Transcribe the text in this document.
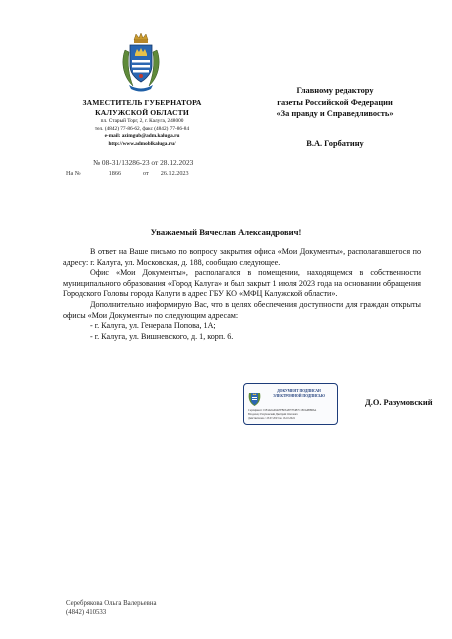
ЗАМЕСТИТЕЛЬ ГУБЕРНАТОРА
КАЛУЖСКОЙ ОБЛАСТИ
пл. Старый Торг, 2, г. Калуга, 248000
тел. (4842) 77-86-62, факс (4842) 77-86-84
e-mail: azimgub@adm.kaluga.ru
http://www.admoblkaluga.ru/
Главному редактору
газеты Российской Федерации
«За правду и Справедливость»
В.А. Горбатину
№ 08-31/13286-23 от 28.12.2023
На №	1866	от 26.12.2023
Уважаемый Вячеслав Александрович!

В ответ на Ваше письмо по вопросу закрытия офиса «Мои Документы», располагавшегося по адресу: г. Калуга, ул. Московская, д. 188, сообщаю следующее.

Офис «Мои Документы», располагался в помещении, находящемся в собственности муниципального образования «Город Калуга» и был закрыт 1 июля 2023 года на основании обращения Городского Головы города Калуги в адрес ГБУ КО «МФЦ Калужской области».

Дополнительно информирую Вас, что в целях обеспечения доступности для граждан открыты офисы «Мои Документы» по следующим адресам:

- г. Калуга, ул. Генерала Попова, 1А;

- г. Калуга, ул. Вишневского, д. 1, корп. 6.

ДОКУМЕНТ ПОДПИСАН
ЭЛЕКТРОННОЙ ПОДПИСЬЮ
Сертификат: 01F4A0A00AEFB03AB77E4B7C1E0A6BB66A
Владелец: Разумовский Дмитрий Олегович
Действителен с 23.07.2023 по 16.10.2024
Д.О. Разумовский
Серебрякова Ольга Валерьевна
(4842) 410533
